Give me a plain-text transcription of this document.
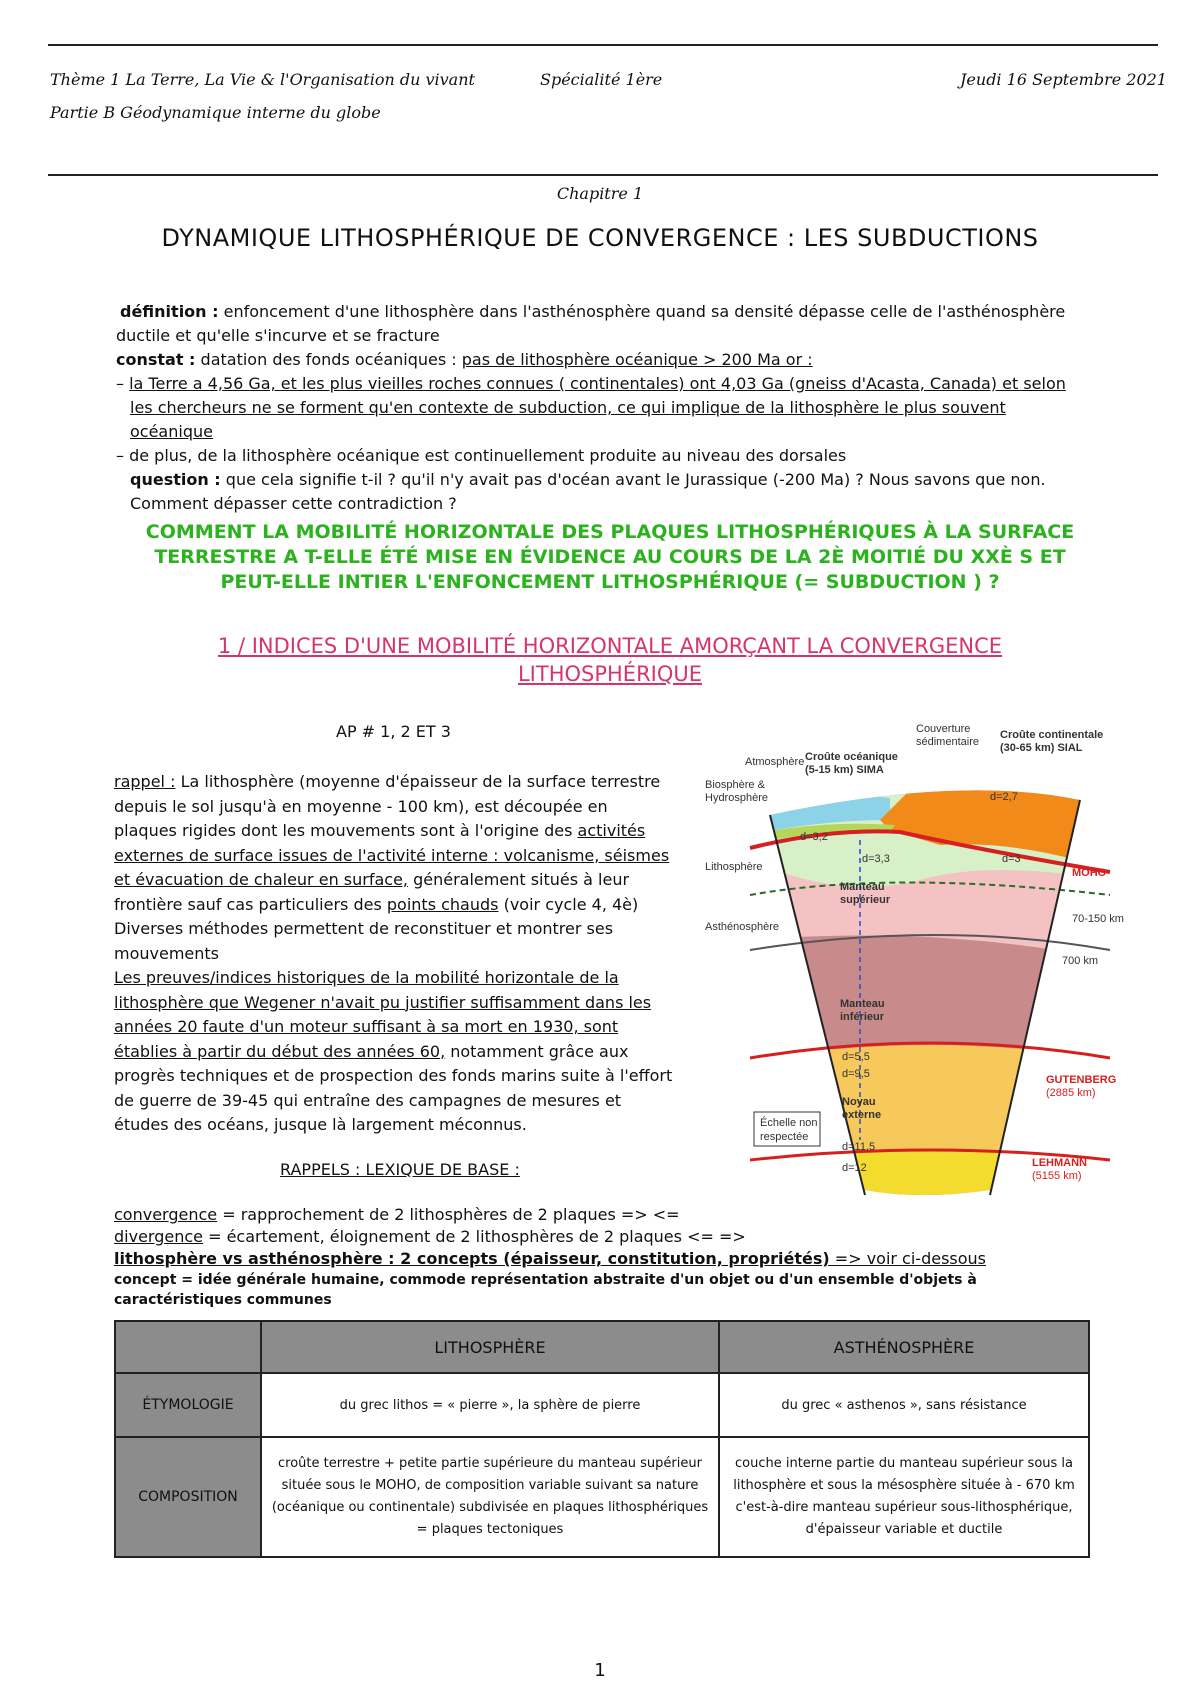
Thème 1 La Terre, La Vie & l'Organisation du vivant	Spécialité 1ère	Jeudi 16 Septembre 2021
Partie B Géodynamique interne du globe
Chapitre 1
DYNAMIQUE LITHOSPHÉRIQUE DE CONVERGENCE : LES SUBDUCTIONS

définition : enfoncement d'une lithosphère dans l'asthénosphère quand sa densité dépasse celle de l'asthénosphère ductile et qu'elle s'incurve et se fracture

constat : datation des fonds océaniques : pas de lithosphère océanique > 200 Ma or :

– la Terre a 4,56 Ga, et les plus vieilles roches connues ( continentales) ont 4,03 Ga (gneiss d'Acasta, Canada) et selon les chercheurs ne se forment qu'en contexte de subduction, ce qui implique de la lithosphère le plus souvent océanique

– de plus, de la lithosphère océanique est continuellement produite au niveau des dorsales

question : que cela signifie t-il ? qu'il n'y avait pas d'océan avant le Jurassique (-200 Ma) ? Nous savons que non. Comment dépasser cette contradiction ?

COMMENT LA MOBILITÉ HORIZONTALE DES PLAQUES LITHOSPHÉRIQUES À LA SURFACE TERRESTRE A T-ELLE ÉTÉ MISE EN ÉVIDENCE AU COURS DE LA 2È MOITIÉ DU XXÈ S ET PEUT-ELLE INTIER L'ENFONCEMENT LITHOSPHÉRIQUE (= SUBDUCTION ) ?
1 / INDICES D'UNE MOBILITÉ HORIZONTALE AMORÇANT LA CONVERGENCE LITHOSPHÉRIQUE
AP # 1, 2 ET 3

rappel : La lithosphère (moyenne d'épaisseur de la surface terrestre depuis le sol jusqu'à en moyenne - 100 km), est découpée en plaques rigides dont les mouvements sont à l'origine des activités externes de surface issues de l'activité interne : volcanisme, séismes et évacuation de chaleur en surface, généralement situés à leur frontière sauf cas particuliers des points chauds (voir cycle 4, 4è)

Diverses méthodes permettent de reconstituer et montrer ses mouvements

Les preuves/indices historiques de la mobilité horizontale de la lithosphère que Wegener n'avait pu justifier suffisamment dans les années 20 faute d'un moteur suffisant à sa mort en 1930, sont établies à partir du début des années 60, notamment grâce aux progrès techniques et de prospection des fonds marins suite à l'effort de guerre de 39-45 qui entraîne des campagnes de mesures et études des océans, jusque là largement méconnus.

Atmosphère
Biosphère &
Hydrosphère
Croûte océanique
(5-15 km) SIMA
Couverture
sédimentaire
Croûte continentale
(30-65 km) SIAL
Lithosphère
Asthénosphère
Manteau
supérieur
Manteau
inférieur
Noyau
externe
d=2,7
d=3
d=3,2
d=3,3
d=5,5
d=9,5
d=11,5
d=12
MOHO
70-150 km
700 km
GUTENBERG
(2885 km)
LEHMANN
(5155 km)
Échelle non
respectée
RAPPELS : LEXIQUE DE BASE :

convergence = rapprochement de 2 lithosphères de 2 plaques => <=

divergence = écartement, éloignement de 2 lithosphères de 2 plaques <= =>

lithosphère vs asthénosphère : 2 concepts (épaisseur, constitution, propriétés) => voir ci-dessous

concept = idée générale humaine, commode représentation abstraite d'un objet ou d'un ensemble d'objets à caractéristiques communes

	LITHOSPHÈRE	ASTHÉNOSPHÈRE
ÉTYMOLOGIE	du grec lithos = « pierre », la sphère de pierre	du grec « asthenos », sans résistance
COMPOSITION	croûte terrestre + petite partie supérieure du manteau supérieur située sous le MOHO, de composition variable suivant sa nature (océanique ou continentale) subdivisée en plaques lithosphériques = plaques tectoniques	couche interne partie du manteau supérieur sous la lithosphère et sous la mésosphère située à - 670 km c'est-à-dire manteau supérieur sous-lithosphérique, d'épaisseur variable et ductile
1
